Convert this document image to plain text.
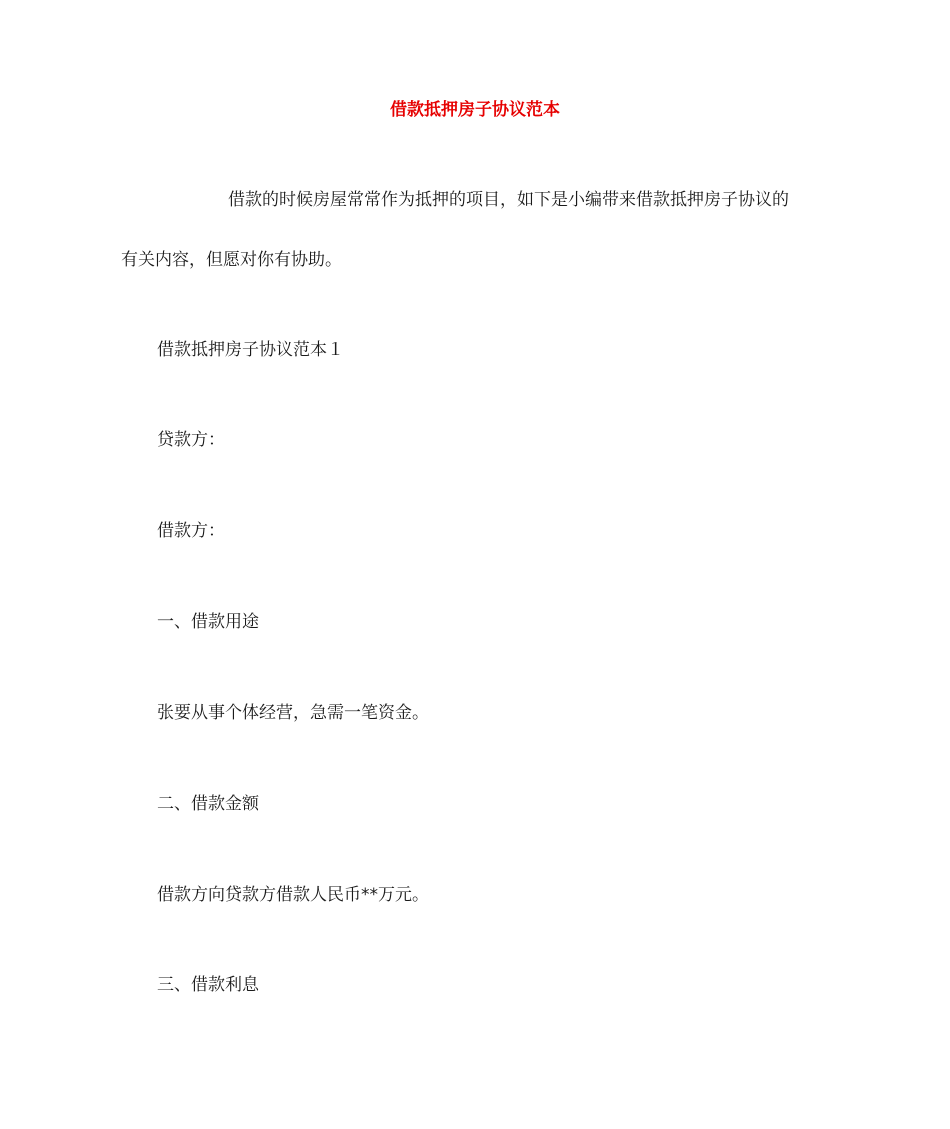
借款抵押房子协议范本
借款的时候房屋常常作为抵押的项目，如下是小编带来借款抵押房子协议的
有关内容，但愿对你有协助。
借款抵押房子协议范本１
贷款方：
借款方：
一、借款用途
张要从事个体经营，急需一笔资金。
二、借款金额
借款方向贷款方借款人民币**万元。
三、借款利息
